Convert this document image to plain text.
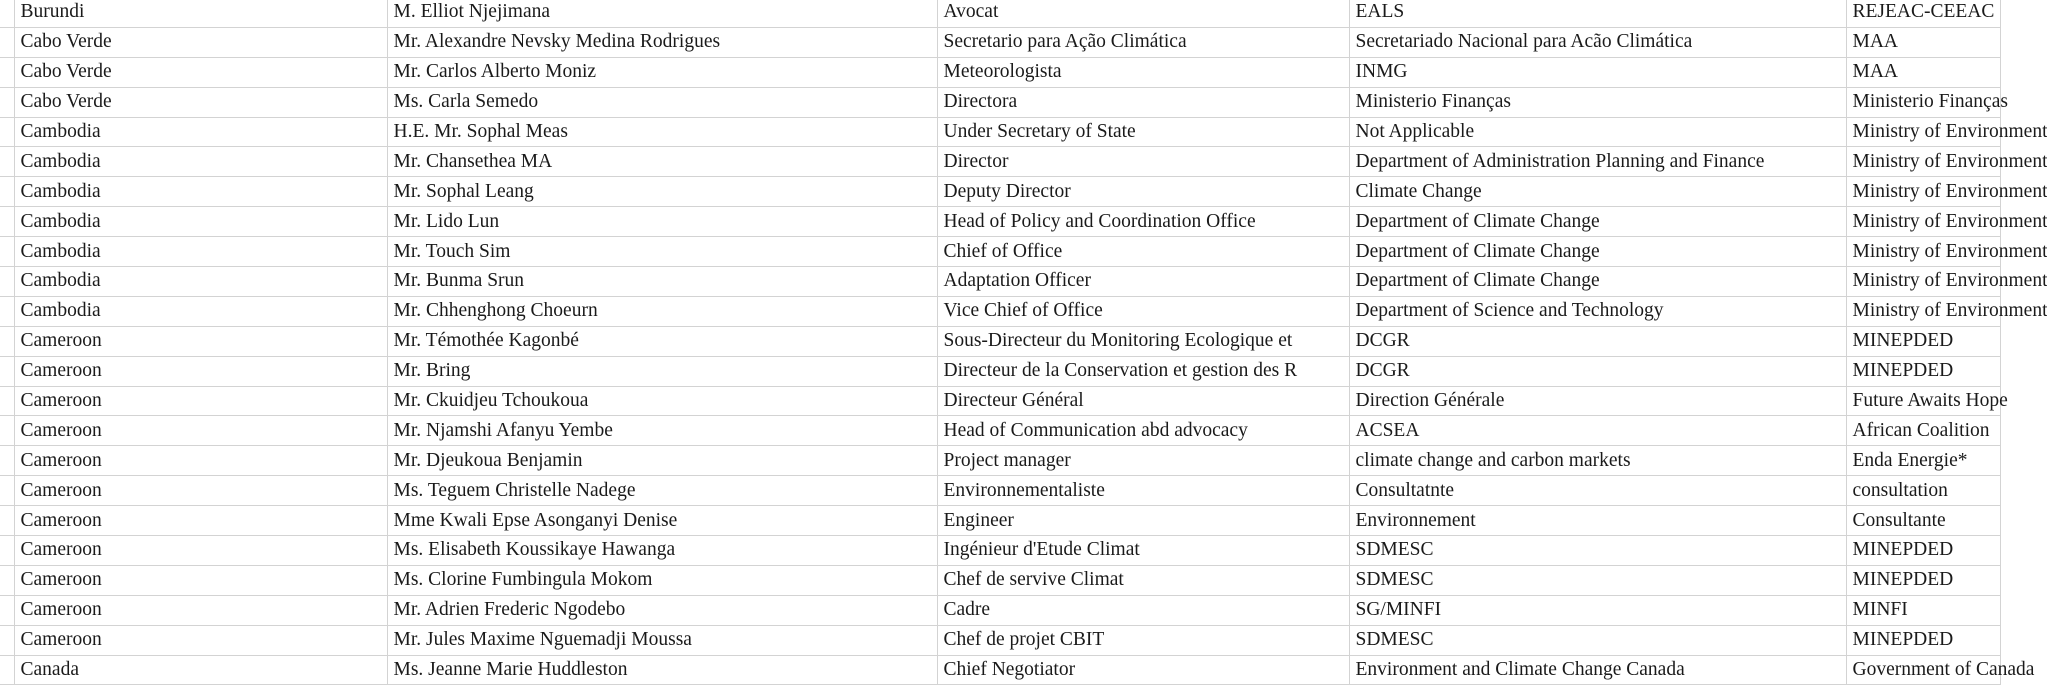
	Burundi	M. Elliot Njejimana	Avocat	EALS	REJEAC-CEEAC
	Cabo Verde	Mr. Alexandre Nevsky Medina Rodrigues	Secretario para Ação Climática	Secretariado Nacional para Acão Climática	MAA
	Cabo Verde	Mr. Carlos Alberto Moniz	Meteorologista	INMG	MAA
	Cabo Verde	Ms. Carla Semedo	Directora	Ministerio Finanças	Ministerio Finanças
	Cambodia	H.E. Mr. Sophal Meas	Under Secretary of State	Not Applicable	Ministry of Environment
	Cambodia	Mr. Chansethea MA	Director	Department of Administration Planning and Finance	Ministry of Environment
	Cambodia	Mr. Sophal Leang	Deputy Director	Climate Change	Ministry of Environment
	Cambodia	Mr. Lido Lun	Head of Policy and Coordination Office	Department of Climate Change	Ministry of Environment
	Cambodia	Mr. Touch Sim	Chief of Office	Department of Climate Change	Ministry of Environment
	Cambodia	Mr. Bunma Srun	Adaptation Officer	Department of Climate Change	Ministry of Environment
	Cambodia	Mr. Chhenghong Choeurn	Vice Chief of Office	Department of Science and Technology	Ministry of Environment
	Cameroon	Mr. Témothée Kagonbé	Sous-Directeur du Monitoring Ecologique et	DCGR	MINEPDED
	Cameroon	Mr. Bring	Directeur de la Conservation et gestion des R	DCGR	MINEPDED
	Cameroon	Mr. Ckuidjeu Tchoukoua	Directeur Général	Direction Générale	Future Awaits Hope
	Cameroon	Mr. Njamshi Afanyu Yembe	Head of Communication abd advocacy	ACSEA	African Coalition
	Cameroon	Mr. Djeukoua Benjamin	Project manager	climate change and carbon markets	Enda Energie*
	Cameroon	Ms. Teguem Christelle Nadege	Environnementaliste	Consultatnte	consultation
	Cameroon	Mme Kwali Epse Asonganyi Denise	Engineer	Environnement	Consultante
	Cameroon	Ms. Elisabeth Koussikaye Hawanga	Ingénieur d'Etude Climat	SDMESC	MINEPDED
	Cameroon	Ms. Clorine Fumbingula Mokom	Chef de servive Climat	SDMESC	MINEPDED
	Cameroon	Mr. Adrien Frederic Ngodebo	Cadre	SG/MINFI	MINFI
	Cameroon	Mr. Jules Maxime Nguemadji Moussa	Chef de projet CBIT	SDMESC	MINEPDED
	Canada	Ms. Jeanne Marie Huddleston	Chief Negotiator	Environment and Climate Change Canada	Government of Canada
